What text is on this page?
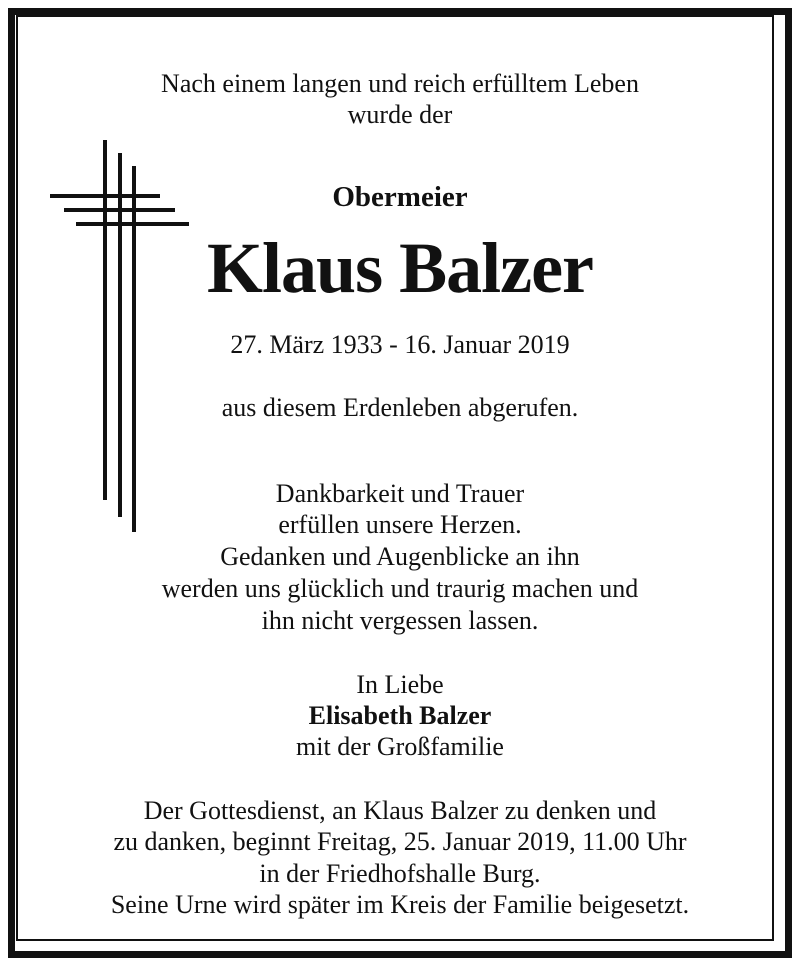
Nach einem langen und reich erfülltem Leben
wurde der
Obermeier
Klaus Balzer
27. März 1933 - 16. Januar 2019
aus diesem Erdenleben abgerufen.
Dankbarkeit und Trauer
erfüllen unsere Herzen.
Gedanken und Augenblicke an ihn
werden uns glücklich und traurig machen und
ihn nicht vergessen lassen.
In Liebe
Elisabeth Balzer
mit der Großfamilie
Der Gottesdienst, an Klaus Balzer zu denken und
zu danken, beginnt Freitag, 25. Januar 2019, 11.00 Uhr
in der Friedhofshalle Burg.
Seine Urne wird später im Kreis der Familie beigesetzt.
